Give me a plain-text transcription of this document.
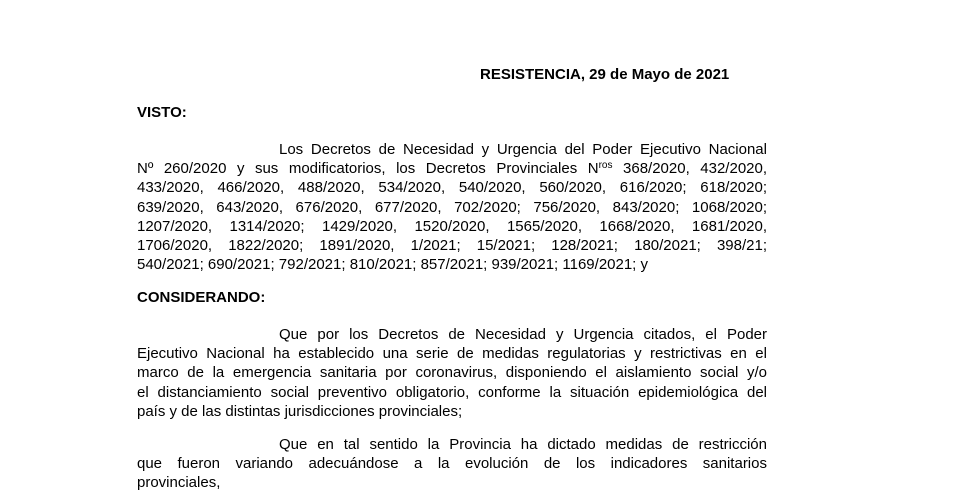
RESISTENCIA, 29 de Mayo de 2021
VISTO:
Los Decretos de Necesidad y Urgencia del Poder Ejecutivo Nacional
Nº 260/2020 y sus modificatorios, los Decretos Provinciales $N^{ros}$ 368/2020, 432/2020,
433/2020, 466/2020, 488/2020, 534/2020, 540/2020, 560/2020, 616/2020; 618/2020;
639/2020, 643/2020, 676/2020, 677/2020, 702/2020; 756/2020, 843/2020; 1068/2020;
1207/2020, 1314/2020; 1429/2020, 1520/2020, 1565/2020, 1668/2020, 1681/2020,
1706/2020, 1822/2020; 1891/2020, 1/2021; 15/2021; 128/2021; 180/2021; 398/21;
540/2021; 690/2021; 792/2021; 810/2021; 857/2021; 939/2021; 1169/2021; y
CONSIDERANDO:
Que por los Decretos de Necesidad y Urgencia citados, el Poder
Ejecutivo Nacional ha establecido una serie de medidas regulatorias y restrictivas en el
marco de la emergencia sanitaria por coronavirus, disponiendo el aislamiento social y/o
el distanciamiento social preventivo obligatorio, conforme la situación epidemiológica del
país y de las distintas jurisdicciones provinciales;
Que en tal sentido la Provincia ha dictado medidas de restricción
que fueron variando adecuándose a la evolución de los indicadores sanitarios
provinciales,
